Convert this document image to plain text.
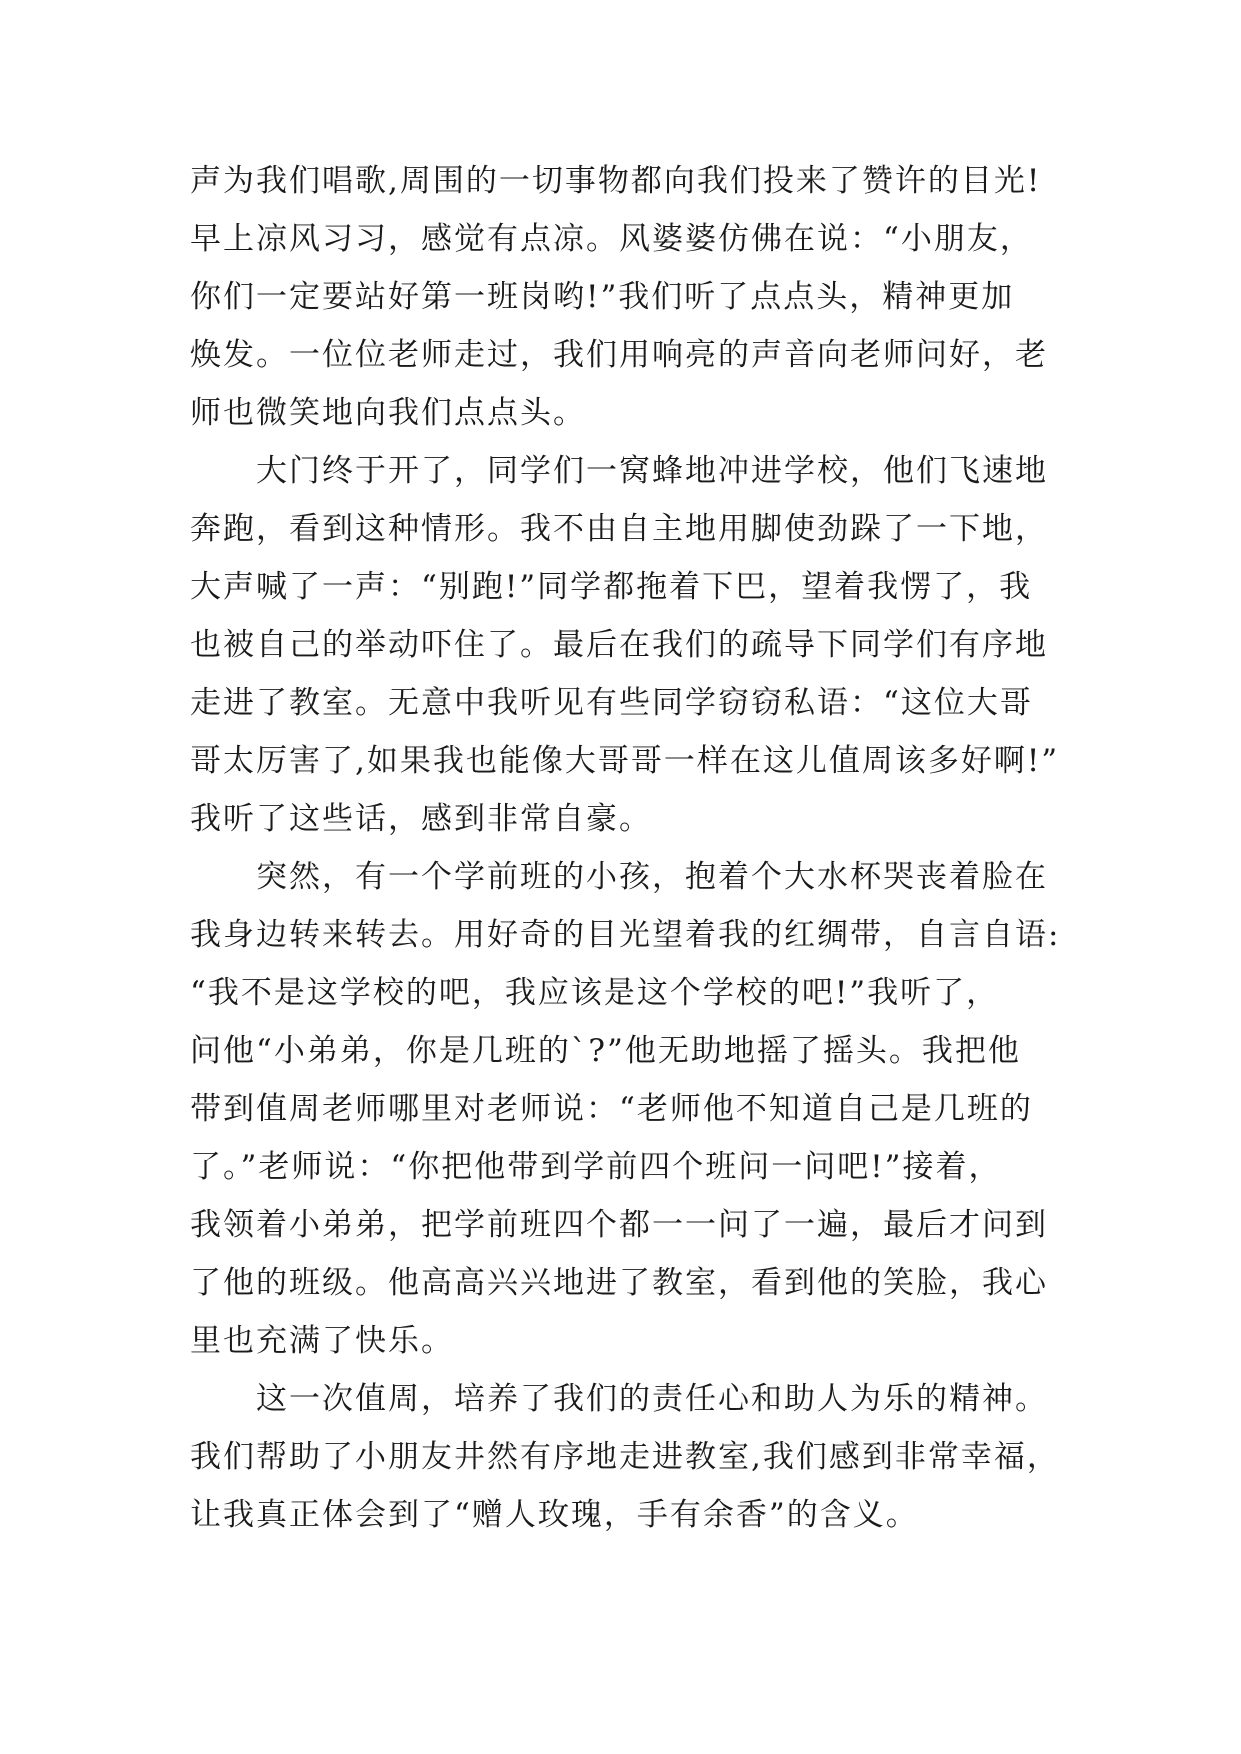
声为我们唱歌,周围的一切事物都向我们投来了赞许的目光!
早上凉风习习，感觉有点凉。风婆婆仿佛在说：“小朋友，
你们一定要站好第一班岗哟!”我们听了点点头，精神更加
焕发。一位位老师走过，我们用响亮的声音向老师问好，老
师也微笑地向我们点点头。
大门终于开了，同学们一窝蜂地冲进学校，他们飞速地
奔跑，看到这种情形。我不由自主地用脚使劲跺了一下地，
大声喊了一声：“别跑!”同学都拖着下巴，望着我愣了，我
也被自己的举动吓住了。最后在我们的疏导下同学们有序地
走进了教室。无意中我听见有些同学窃窃私语：“这位大哥
哥太厉害了,如果我也能像大哥哥一样在这儿值周该多好啊!”
我听了这些话，感到非常自豪。
突然，有一个学前班的小孩，抱着个大水杯哭丧着脸在
我身边转来转去。用好奇的目光望着我的红绸带，自言自语:
“我不是这学校的吧，我应该是这个学校的吧!”我听了，
问他“小弟弟，你是几班的`?”他无助地摇了摇头。我把他
带到值周老师哪里对老师说：“老师他不知道自己是几班的
了。”老师说：“你把他带到学前四个班问一问吧!”接着，
我领着小弟弟，把学前班四个都一一问了一遍，最后才问到
了他的班级。他高高兴兴地进了教室，看到他的笑脸，我心
里也充满了快乐。
这一次值周，培养了我们的责任心和助人为乐的精神。
我们帮助了小朋友井然有序地走进教室,我们感到非常幸福，
让我真正体会到了“赠人玫瑰，手有余香”的含义。
